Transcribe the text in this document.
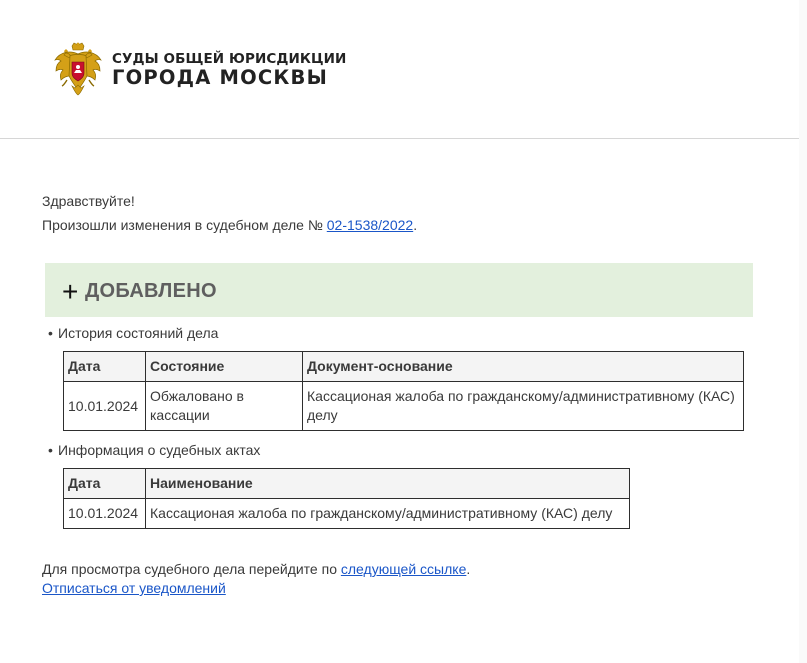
СУДЫ ОБЩЕЙ ЮРИСДИКЦИИ
ГОРОДА МОСКВЫ

Здравствуйте!

Произошли изменения в судебном деле № 02-1538/2022.

+ ДОБАВЛЕНО
• История состояний дела
Дата	Состояние	Документ-основание
10.01.2024	Обжаловано в кассации	Кассационая жалоба по гражданскому/административному (КАС) делу
• Информация о судебных актах
Дата	Наименование
10.01.2024	Кассационая жалоба по гражданскому/административному (КАС) делу
Для просмотра судебного дела перейдите по следующей ссылке.
Отписаться от уведомлений
